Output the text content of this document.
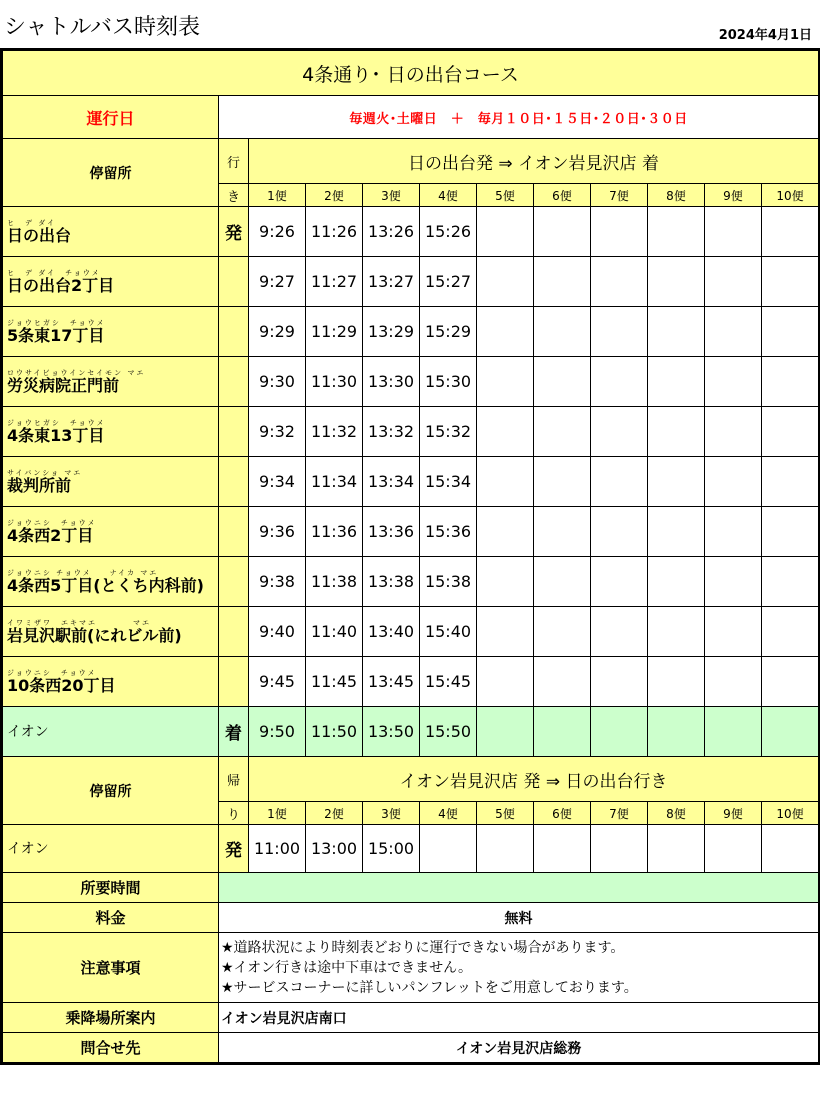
シャトルバス時刻表	2024年4月1日
4条通り･ 日の出台コース											
運行日	毎週火･土曜日　＋　毎月１０日･１５日･２０日･３０日										
停留所	行	日の出台発 ⇒ イオン岩見沢店 着									
	き	1便	2便	3便	4便	5便	6便	7便	8便	9便	10便

ヒ　デ ダイ
日の出台	発	9:26	11:26	13:26	15:26						

ヒ　デ ダイ　チョウメ
日の出台2丁目		9:27	11:27	13:27	15:27						

ジョウヒガシ　チョウメ
5条東17丁目		9:29	11:29	13:29	15:29						

ロウサイビョウインセイモン マエ
労災病院正門前		9:30	11:30	13:30	15:30						

ジョウヒガシ　チョウメ
4条東13丁目		9:32	11:32	13:32	15:32						

サイバンショ マエ
裁判所前		9:34	11:34	13:34	15:34						

ジョウニシ　チョウメ
4条西2丁目		9:36	11:36	13:36	15:36						

ジョウニシ チョウメ　　ナイカ マエ
4条西5丁目(とくち内科前)		9:38	11:38	13:38	15:38						

イワミザワ　エキマエ　　　　マエ
岩見沢駅前(にれビル前)		9:40	11:40	13:40	15:40						

ジョウニシ　チョウメ
10条西20丁目		9:45	11:45	13:45	15:45						

イオン	着	9:50	11:50	13:50	15:50						
停留所	帰	イオン岩見沢店 発 ⇒ 日の出台行き									
	り	1便	2便	3便	4便	5便	6便	7便	8便	9便	10便

イオン	発	11:00	13:00	15:00							
所要時間											
料金	無料										
注意事項	★道路状況により時刻表どおりに運行できない場合があります。
★イオン行きは途中下車はできません。
★サービスコーナーに詳しいパンフレットをご用意しております。										

乗降場所案内	イオン岩見沢店南口										
問合せ先	イオン岩見沢店総務										
